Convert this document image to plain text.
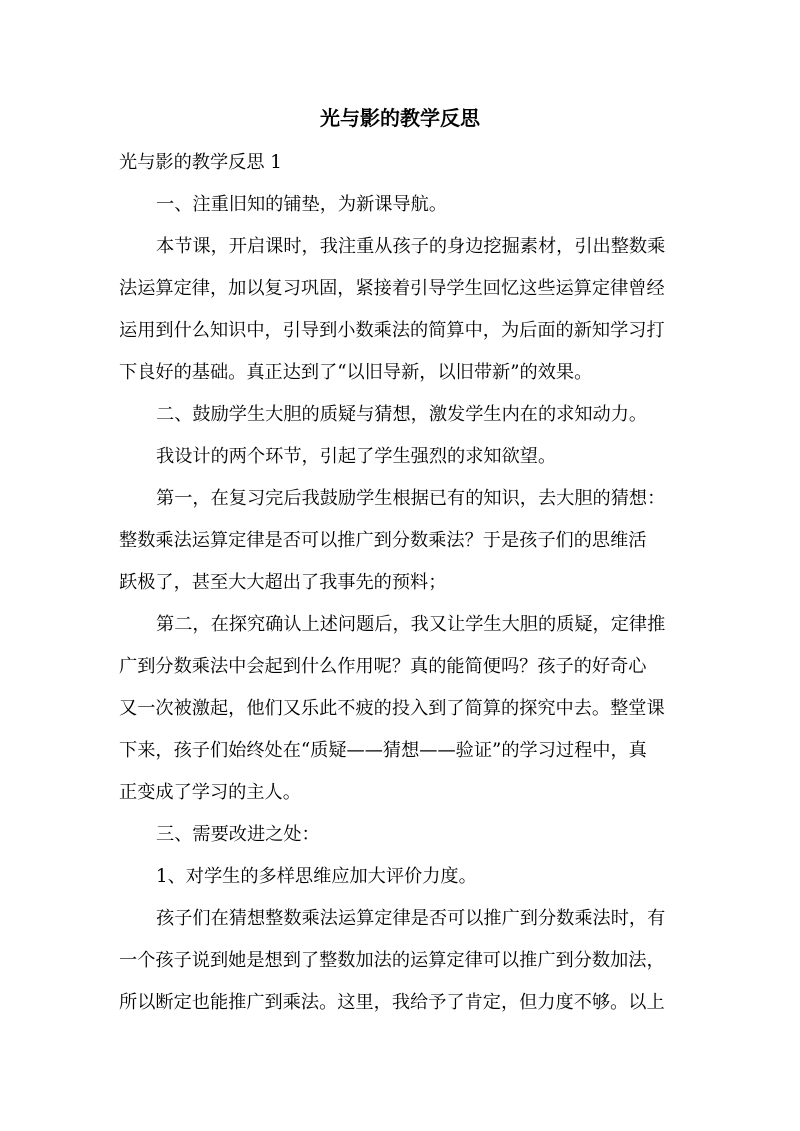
光与影的教学反思

光与影的教学反思 1

一、注重旧知的铺垫，为新课导航。

本节课，开启课时，我注重从孩子的身边挖掘素材，引出整数乘

法运算定律，加以复习巩固，紧接着引导学生回忆这些运算定律曾经

运用到什么知识中，引导到小数乘法的简算中，为后面的新知学习打

下良好的基础。真正达到了“以旧导新，以旧带新”的效果。

二、鼓励学生大胆的质疑与猜想，激发学生内在的求知动力。

我设计的两个环节，引起了学生强烈的求知欲望。

第一，在复习完后我鼓励学生根据已有的知识，去大胆的猜想：

整数乘法运算定律是否可以推广到分数乘法？于是孩子们的思维活

跃极了，甚至大大超出了我事先的预料；

第二，在探究确认上述问题后，我又让学生大胆的质疑，定律推

广到分数乘法中会起到什么作用呢？真的能简便吗？孩子的好奇心

又一次被激起，他们又乐此不疲的投入到了简算的探究中去。整堂课

下来，孩子们始终处在“质疑——猜想——验证”的学习过程中，真

正变成了学习的主人。

三、需要改进之处：

1、对学生的多样思维应加大评价力度。

孩子们在猜想整数乘法运算定律是否可以推广到分数乘法时，有

一个孩子说到她是想到了整数加法的运算定律可以推广到分数加法，

所以断定也能推广到乘法。这里，我给予了肯定，但力度不够。以上
